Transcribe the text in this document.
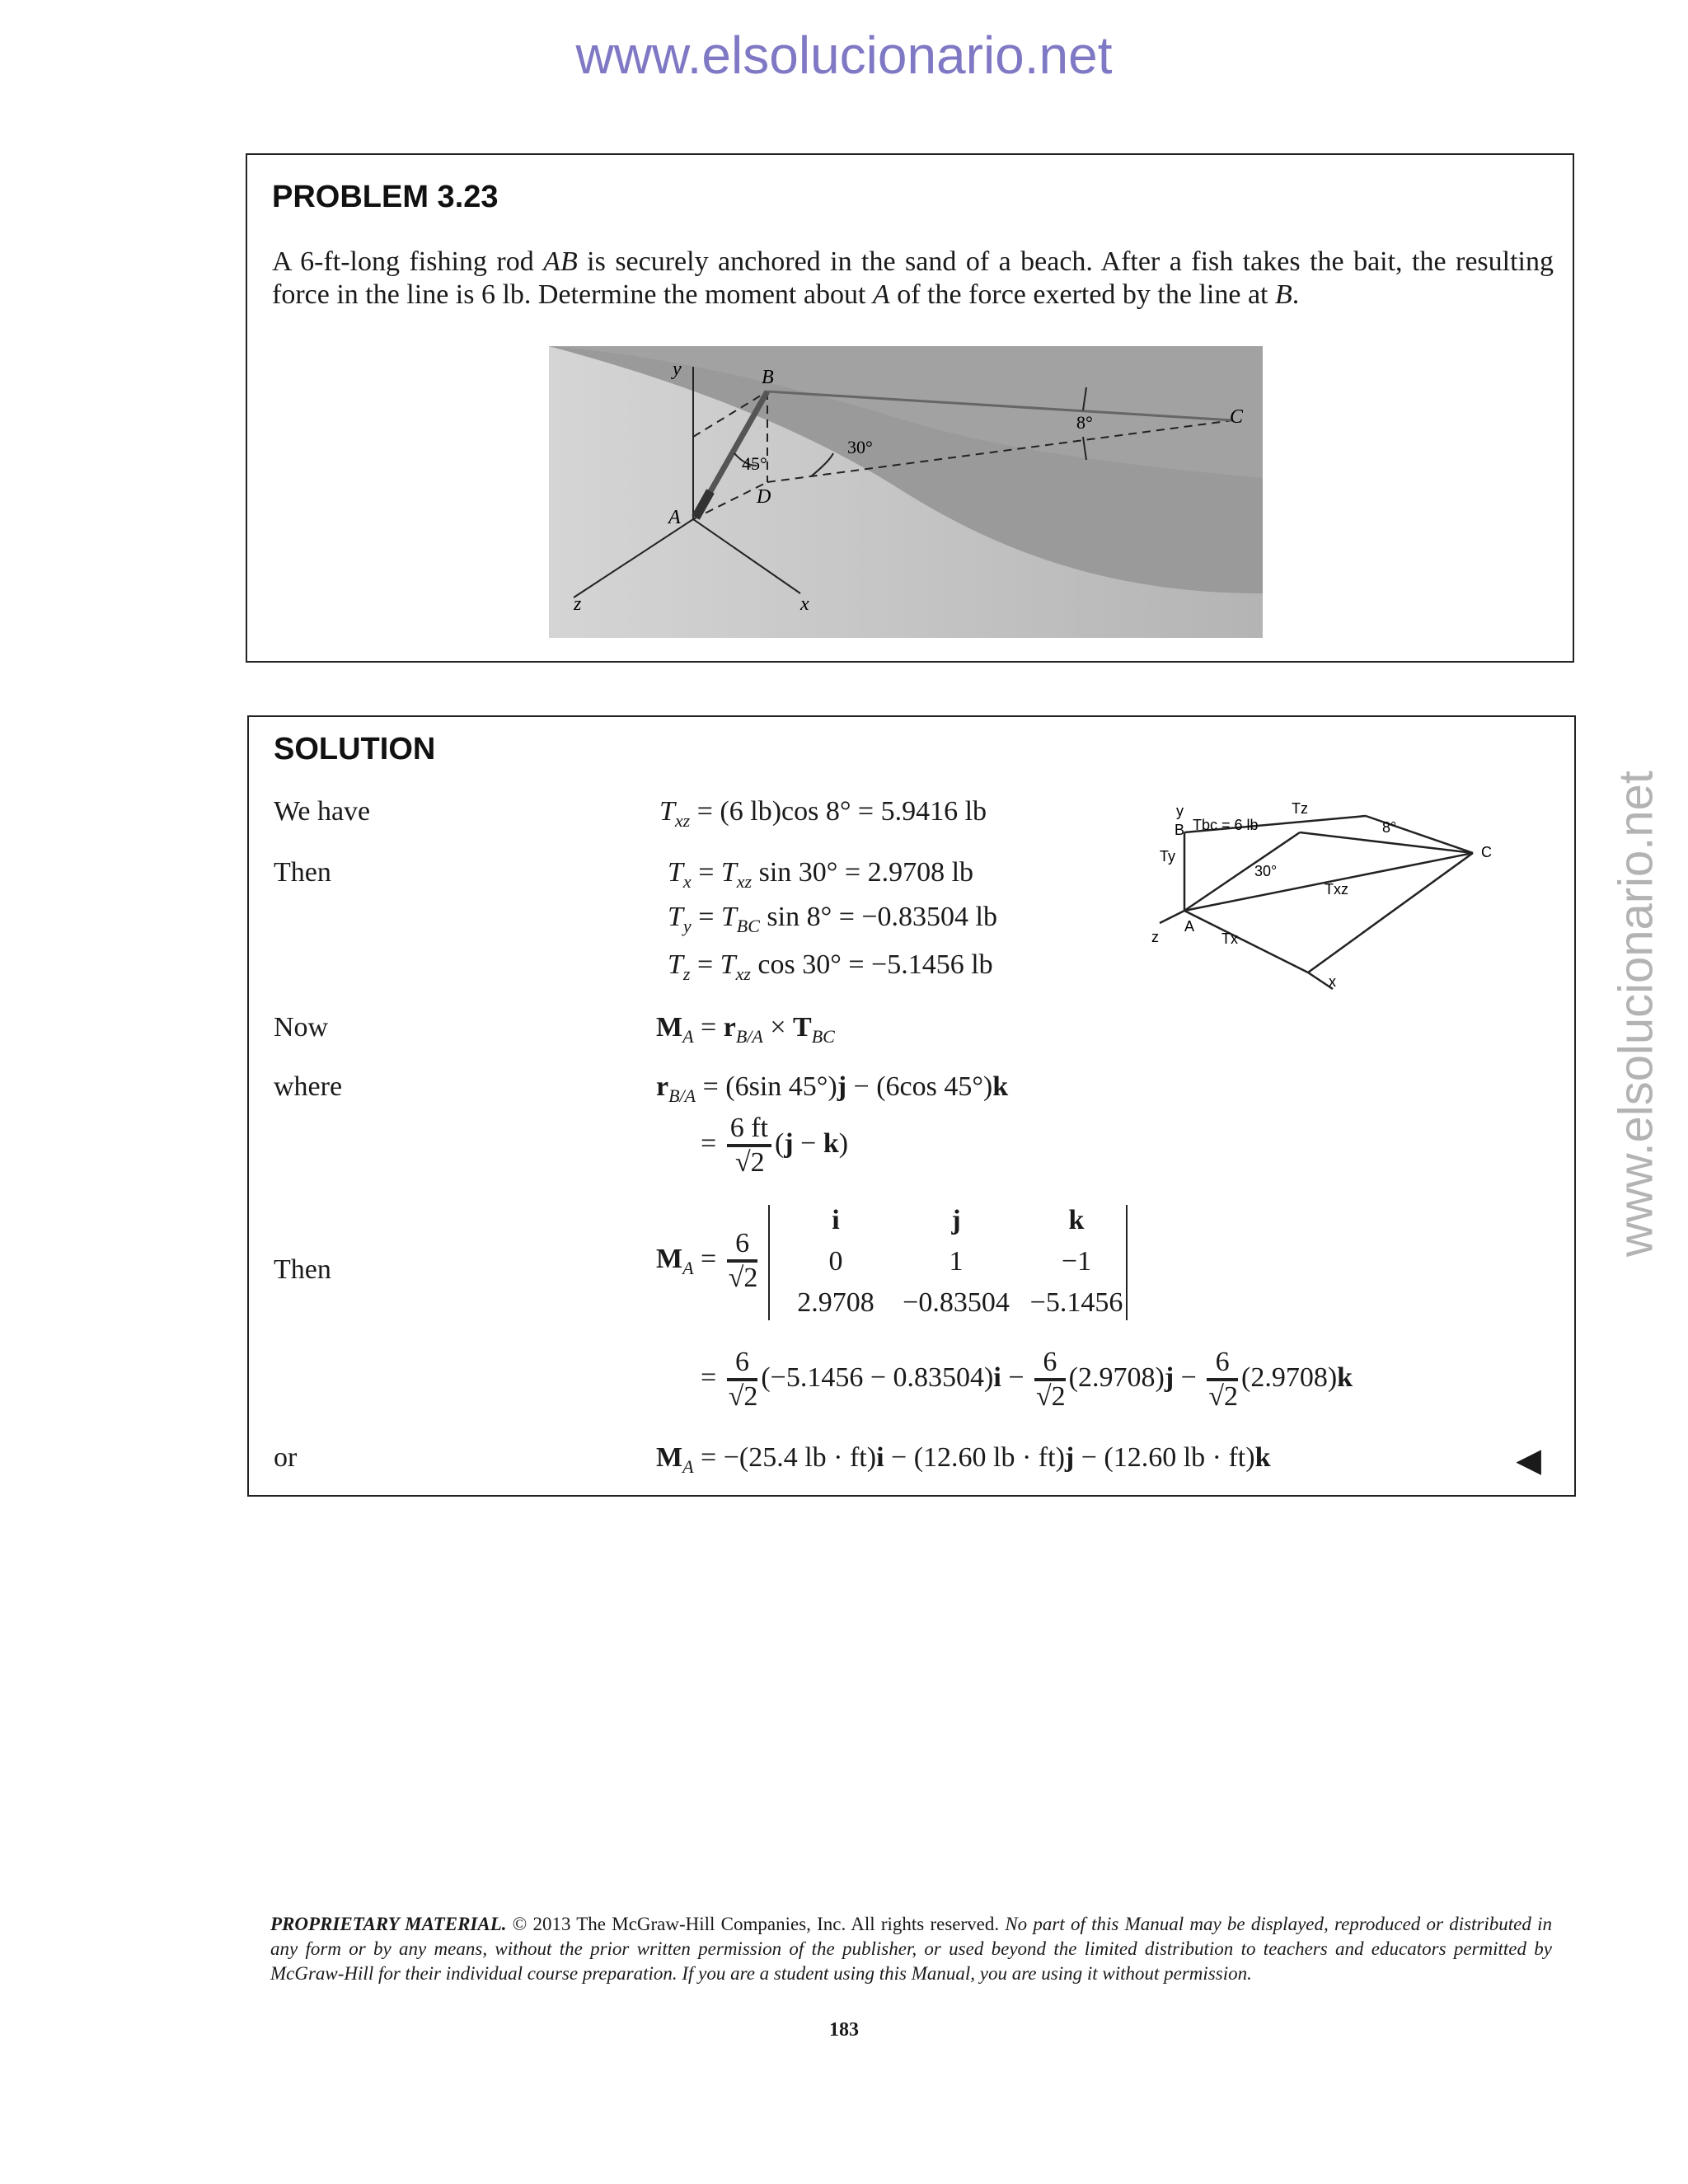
www.elsolucionario.net
www.elsolucionario.net
PROBLEM 3.23
A 6-ft-long fishing rod AB is securely anchored in the sand of a beach. After a fish takes the bait, the resulting force in the line is 6 lb. Determine the moment about A of the force exerted by the line at B.
y	B
C
A
D
z	x
45°
30°
8°
SOLUTION
We have
Then
Now
where
Then
or
$T_{xz} = (6$ lb)cos 8° = 5.9416 lb
$T_x = T_{xz}$ sin 30° = 2.9708 lb
$T_y = T_{BC}$ sin 8° = −0.83504 lb
$T_z = T_{xz}$ cos 30° = −5.1456 lb
$M_A = r_{B/A} \times T_{BC}$
$r_{B/A} = (6\sin$ 45°)j − (6cos 45°)k
= $\frac{6 ft}{√2} (j - k)$
$M_A = \frac{6}{√2}$
i	j	k
0	1	−1
2.9708	−0.83504 −5.1456
= $\frac{6}{√2} (-5.1456 - 0.83504)i - \frac{6}{√2} (2.9708)j - \frac{6}{√2} (2.9708)k$
$M_A = -(25.4$ lb · ft)i − (12.60 lb · ft)j − (12.60 lb · ft)k	◀
y
B Tbc = 6 lb
Tz
Ty
8°
30°
C
Txz
A
z	Tx
x
PROPRIETARY MATERIAL. © 2013 The McGraw-Hill Companies, Inc. All rights reserved. No part of this Manual may be displayed, reproduced or distributed in any form or by any means, without the prior written permission of the publisher, or used beyond the limited distribution to teachers and educators permitted by McGraw-Hill for their individual course preparation. If you are a student using this Manual, you are using it without permission.
183
